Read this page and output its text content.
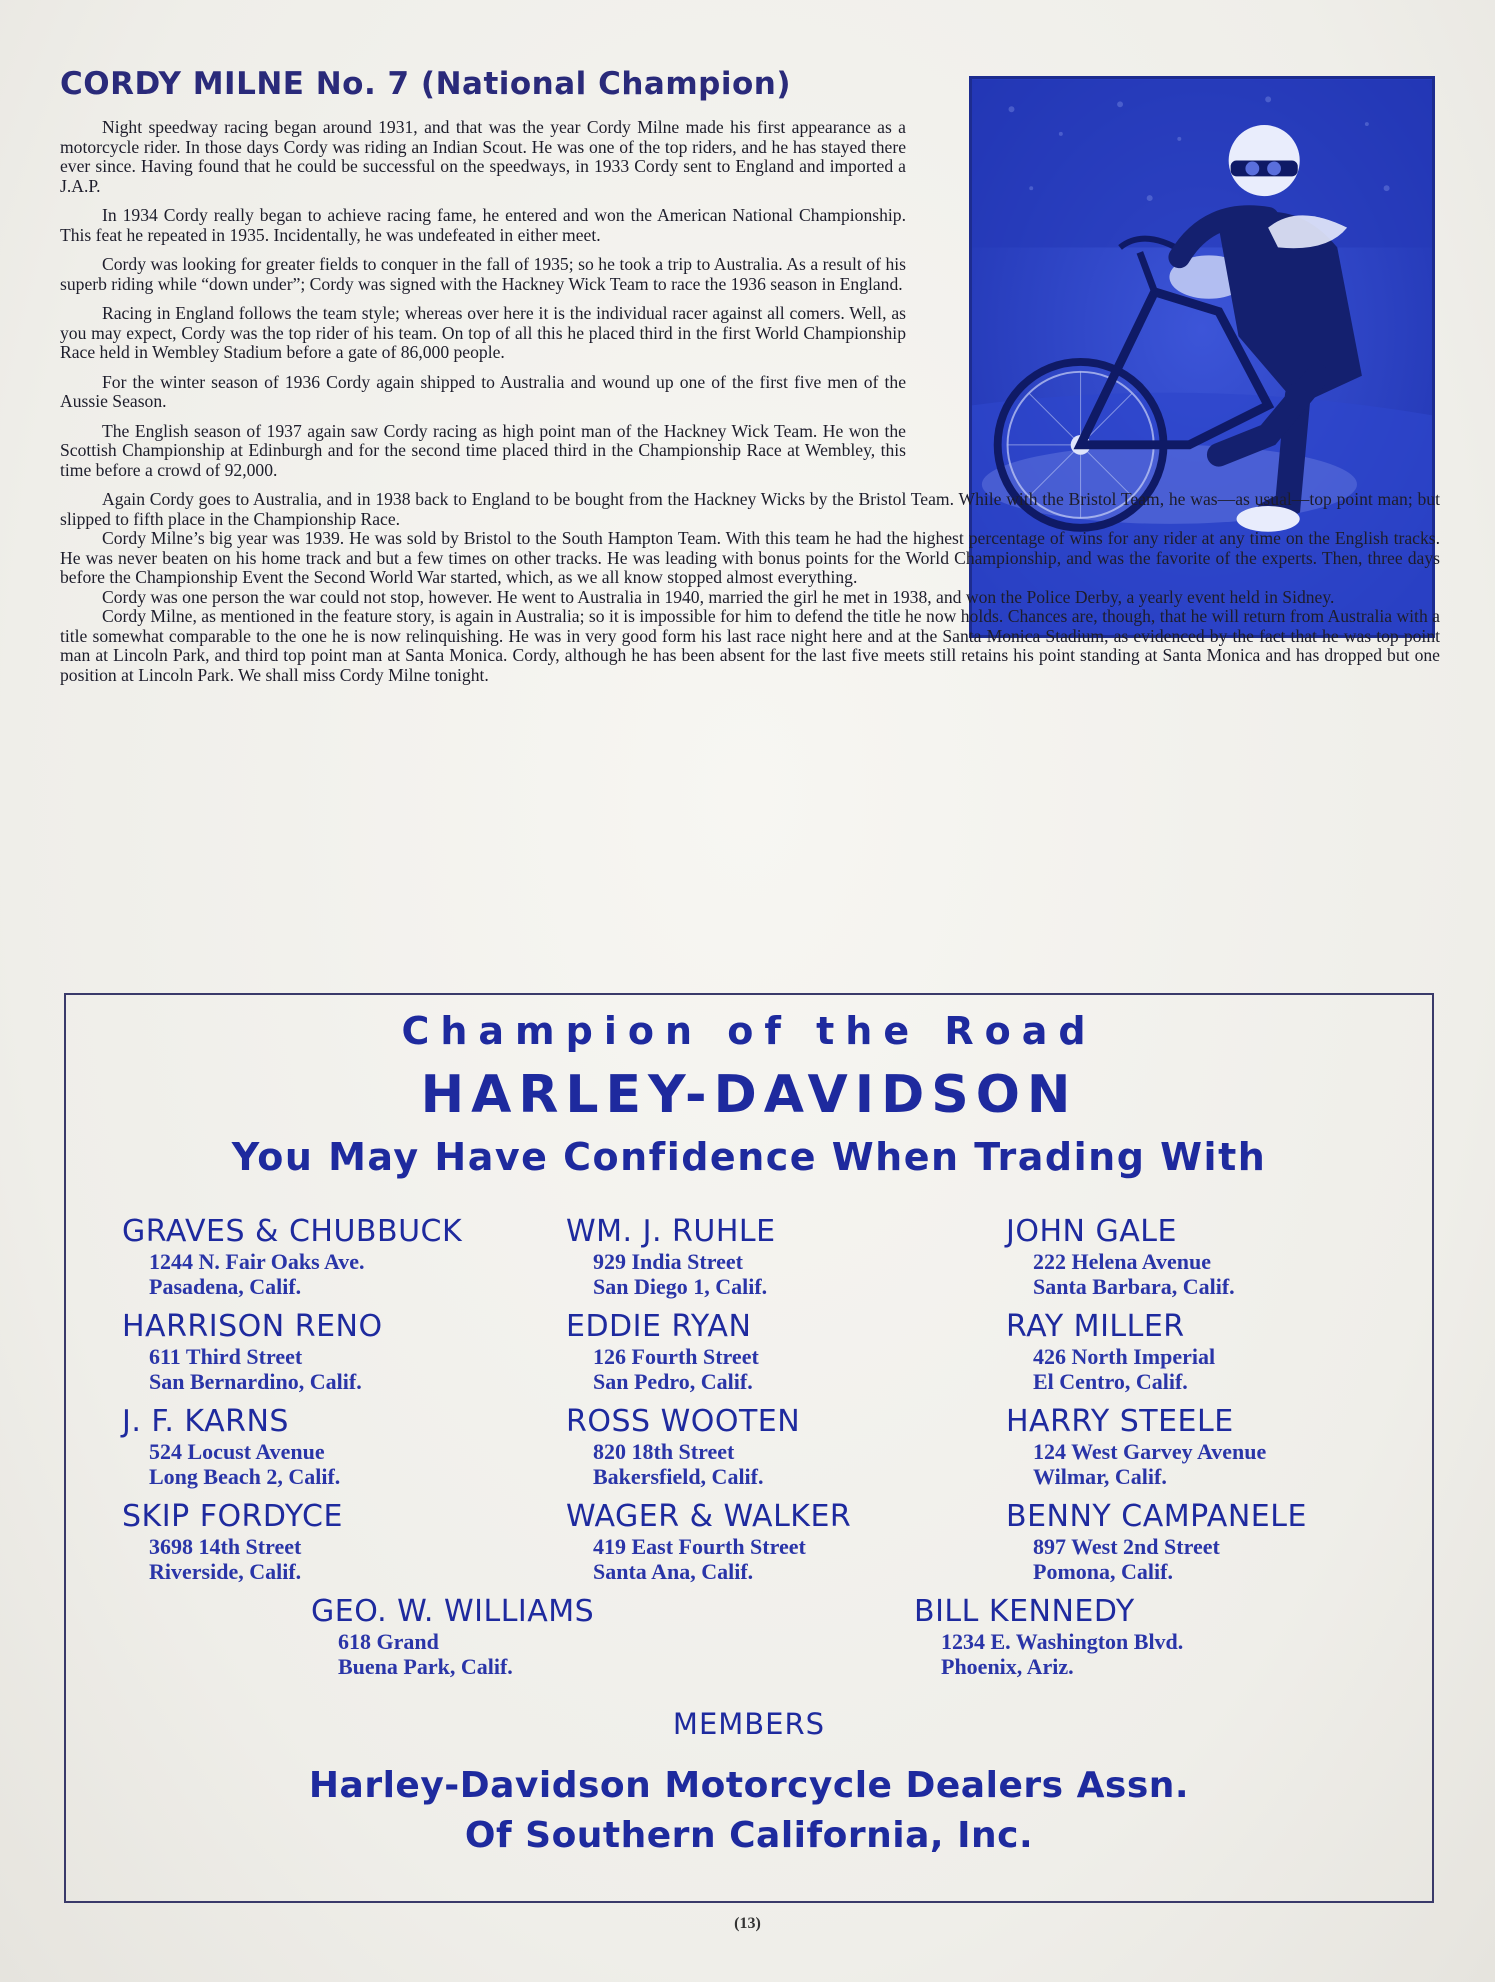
CORDY MILNE No. 7 (National Champion)

Night speedway racing began around 1931, and that was the year Cordy Milne made his first appearance as a motorcycle rider. In those days Cordy was riding an Indian Scout. He was one of the top riders, and he has stayed there ever since. Having found that he could be successful on the speedways, in 1933 Cordy sent to England and imported a J.A.P.

In 1934 Cordy really began to achieve racing fame, he entered and won the American National Championship. This feat he repeated in 1935. Incidentally, he was undefeated in either meet.

Cordy was looking for greater fields to conquer in the fall of 1935; so he took a trip to Australia. As a result of his superb riding while “down under”; Cordy was signed with the Hackney Wick Team to race the 1936 season in England.

Racing in England follows the team style; whereas over here it is the individual racer against all comers. Well, as you may expect, Cordy was the top rider of his team. On top of all this he placed third in the first World Championship Race held in Wembley Stadium before a gate of 86,000 people.

For the winter season of 1936 Cordy again shipped to Australia and wound up one of the first five men of the Aussie Season.

The English season of 1937 again saw Cordy racing as high point man of the Hackney Wick Team. He won the Scottish Championship at Edinburgh and for the second time placed third in the Championship Race at Wembley, this time before a crowd of 92,000.

Again Cordy goes to Australia, and in 1938 back to England to be bought from the Hackney Wicks by the Bristol Team. While with the Bristol Team, he was—as usual—top point man; but slipped to fifth place in the Championship Race.

Cordy Milne’s big year was 1939. He was sold by Bristol to the South Hampton Team. With this team he had the highest percentage of wins for any rider at any time on the English tracks. He was never beaten on his home track and but a few times on other tracks. He was leading with bonus points for the World Championship, and was the favorite of the experts. Then, three days before the Championship Event the Second World War started, which, as we all know stopped almost everything.

Cordy was one person the war could not stop, however. He went to Australia in 1940, married the girl he met in 1938, and won the Police Derby, a yearly event held in Sidney.

Cordy Milne, as mentioned in the feature story, is again in Australia; so it is impossible for him to defend the title he now holds. Chances are, though, that he will return from Australia with a title somewhat comparable to the one he is now relinquishing. He was in very good form his last race night here and at the Santa Monica Stadium, as evidenced by the fact that he was top point man at Lincoln Park, and third top point man at Santa Monica. Cordy, although he has been absent for the last five meets still retains his point standing at Santa Monica and has dropped but one position at Lincoln Park. We shall miss Cordy Milne tonight.

Champion of the Road
HARLEY-DAVIDSON
You May Have Confidence When Trading With
GRAVES & CHUBBUCK
1244 N. Fair Oaks Ave.
Pasadena, Calif.
WM. J. RUHLE
929 India Street
San Diego 1, Calif.
JOHN GALE
222 Helena Avenue
Santa Barbara, Calif.
HARRISON RENO
611 Third Street
San Bernardino, Calif.
EDDIE RYAN
126 Fourth Street
San Pedro, Calif.
RAY MILLER
426 North Imperial
El Centro, Calif.
J. F. KARNS
524 Locust Avenue
Long Beach 2, Calif.
ROSS WOOTEN
820 18th Street
Bakersfield, Calif.
HARRY STEELE
124 West Garvey Avenue
Wilmar, Calif.
SKIP FORDYCE
3698 14th Street
Riverside, Calif.
WAGER & WALKER
419 East Fourth Street
Santa Ana, Calif.
BENNY CAMPANELE
897 West 2nd Street
Pomona, Calif.
GEO. W. WILLIAMS
618 Grand
Buena Park, Calif.
BILL KENNEDY
1234 E. Washington Blvd.
Phoenix, Ariz.
MEMBERS
Harley-Davidson Motorcycle Dealers Assn.
Of Southern California, Inc.
(13)
